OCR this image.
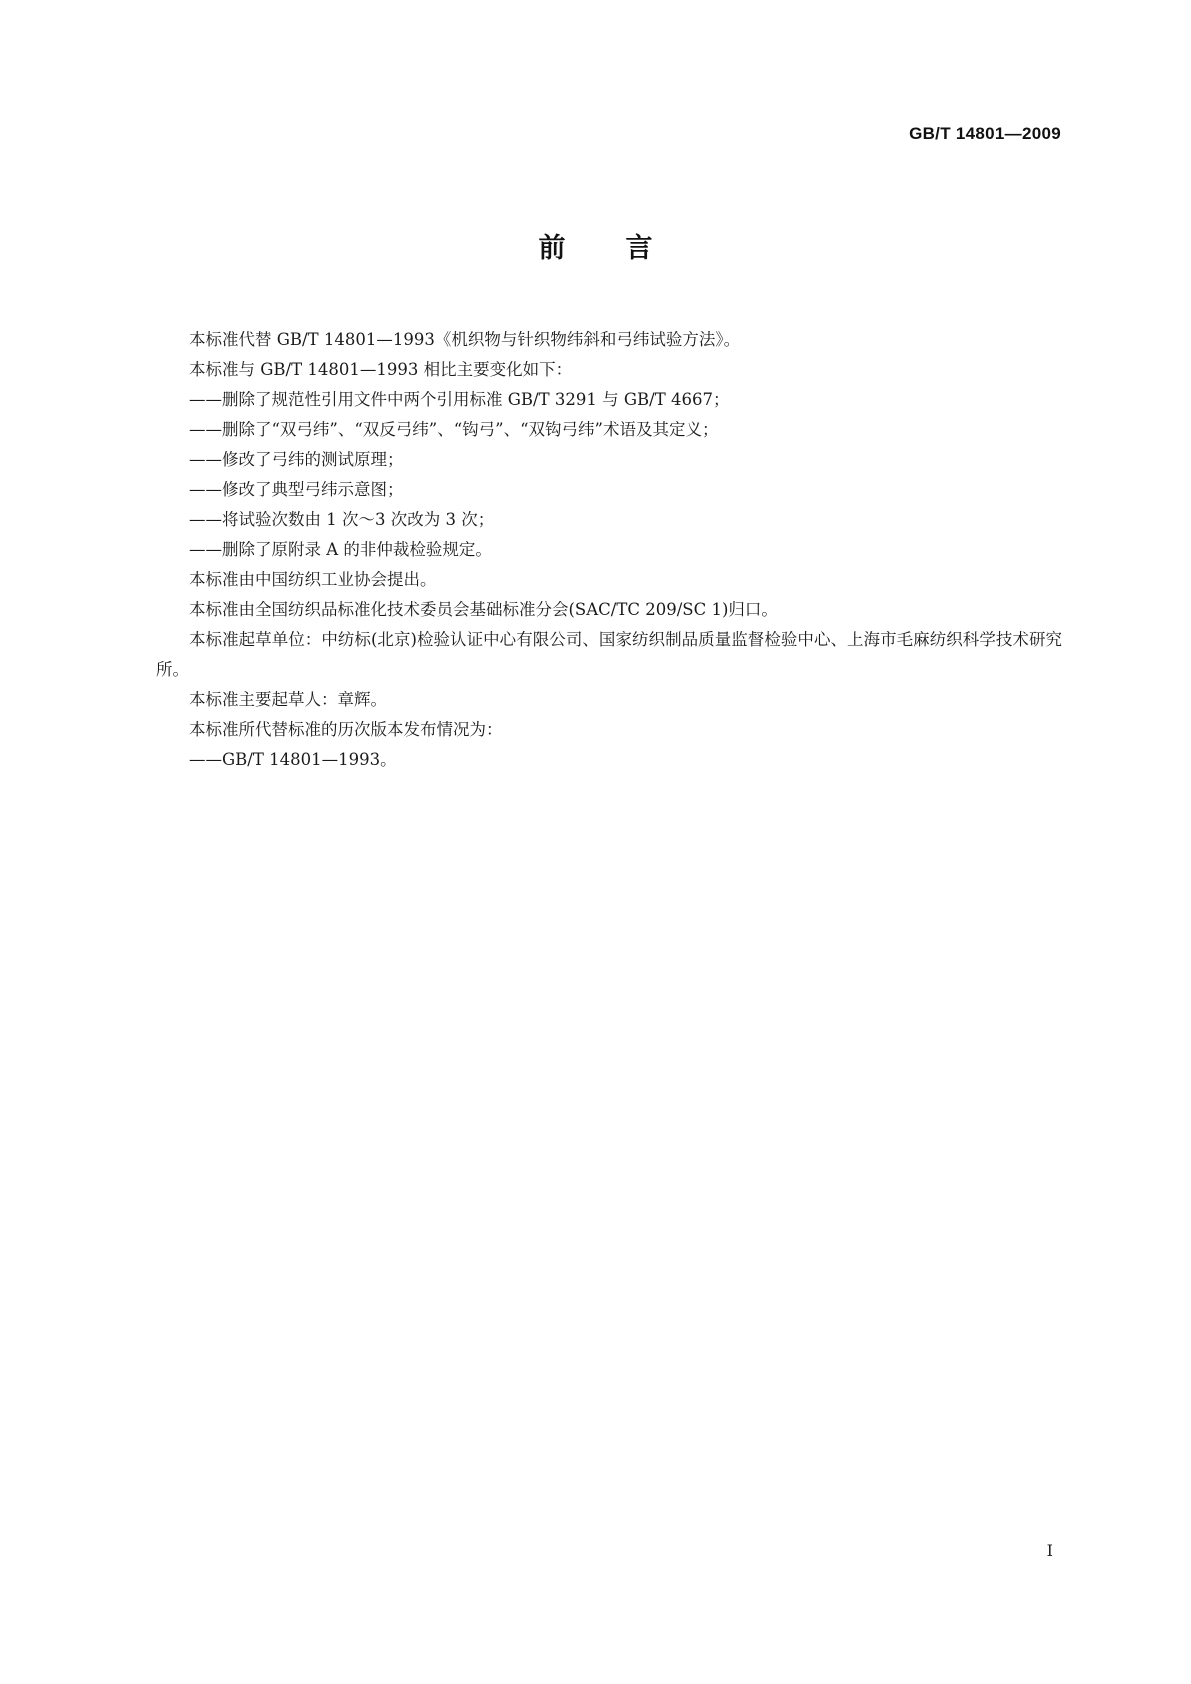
GB/T 14801—2009
前言

本标准代替 GB/T 14801—1993《机织物与针织物纬斜和弓纬试验方法》。

本标准与 GB/T 14801—1993 相比主要变化如下：

——删除了规范性引用文件中两个引用标准 GB/T 3291 与 GB/T 4667；

——删除了“双弓纬”、“双反弓纬”、“钩弓”、“双钩弓纬”术语及其定义；

——修改了弓纬的测试原理；

——修改了典型弓纬示意图；

——将试验次数由 1 次～3 次改为 3 次；

——删除了原附录 A 的非仲裁检验规定。

本标准由中国纺织工业协会提出。

本标准由全国纺织品标准化技术委员会基础标准分会(SAC/TC 209/SC 1)归口。

本标准起草单位：中纺标(北京)检验认证中心有限公司、国家纺织制品质量监督检验中心、上海市毛麻纺织科学技术研究所。

本标准主要起草人：章辉。

本标准所代替标准的历次版本发布情况为：

——GB/T 14801—1993。

I
